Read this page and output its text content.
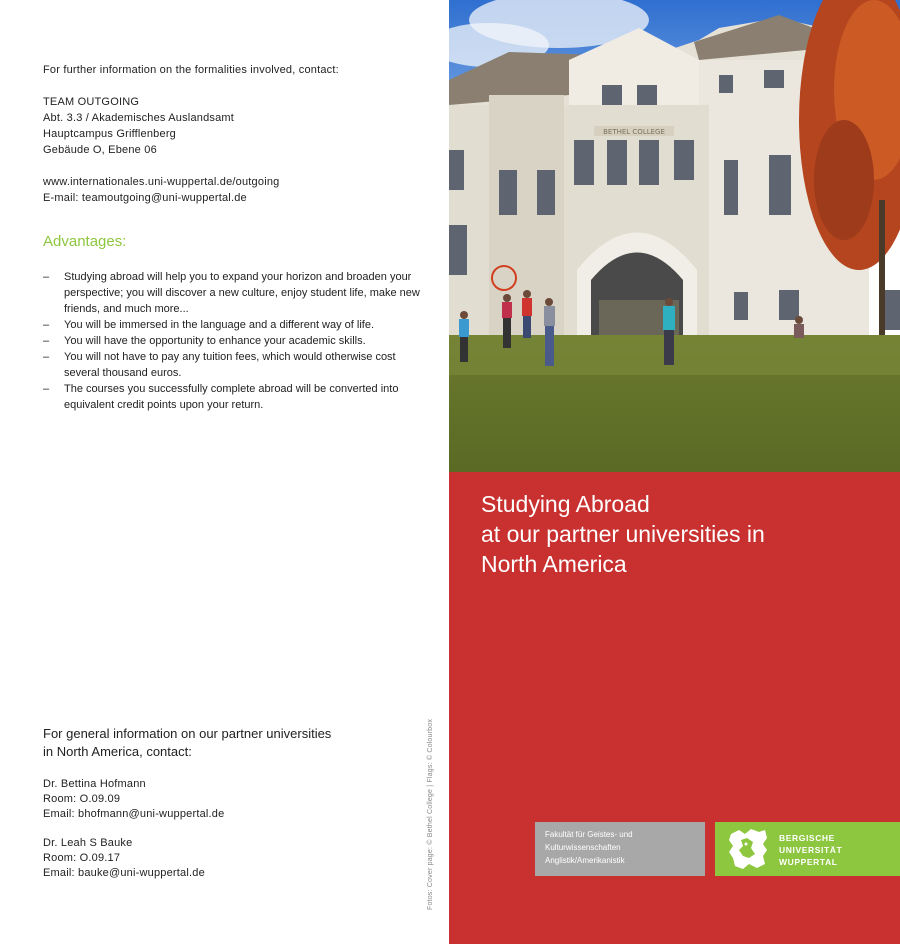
For further information on the formalities involved, contact:
TEAM OUTGOING
Abt. 3.3 / Akademisches Auslandsamt
Hauptcampus Grifflenberg
Gebäude O, Ebene 06
www.internationales.uni-wuppertal.de/outgoing
E-mail: teamoutgoing@uni-wuppertal.de
Advantages:
– Studying abroad will help you to expand your horizon and broaden your perspective; you will discover a new culture, enjoy student life, make new friends, and much more...
– You will be immersed in the language and a different way of life.
– You will have the opportunity to enhance your academic skills.
– You will not have to pay any tuition fees, which would otherwise cost several thousand euros.
– The courses you successfully complete abroad will be converted into equivalent credit points upon your return.
For general information on our partner universities
in North America, contact:
Dr. Bettina Hofmann
Room: O.09.09
Email: bhofmann@uni-wuppertal.de
Dr. Leah S Bauke
Room: O.09.17
Email: bauke@uni-wuppertal.de	Fotos: Cover page: © Bethel College | Flags: © Colourbox
BETHEL COLLEGE
Studying Abroad
at our partner universities in
North America
Fakultät für Geistes- und
Kulturwissenschaften
Anglistik/Amerikanistik
BERGISCHE
UNIVERSITÄT
WUPPERTAL
